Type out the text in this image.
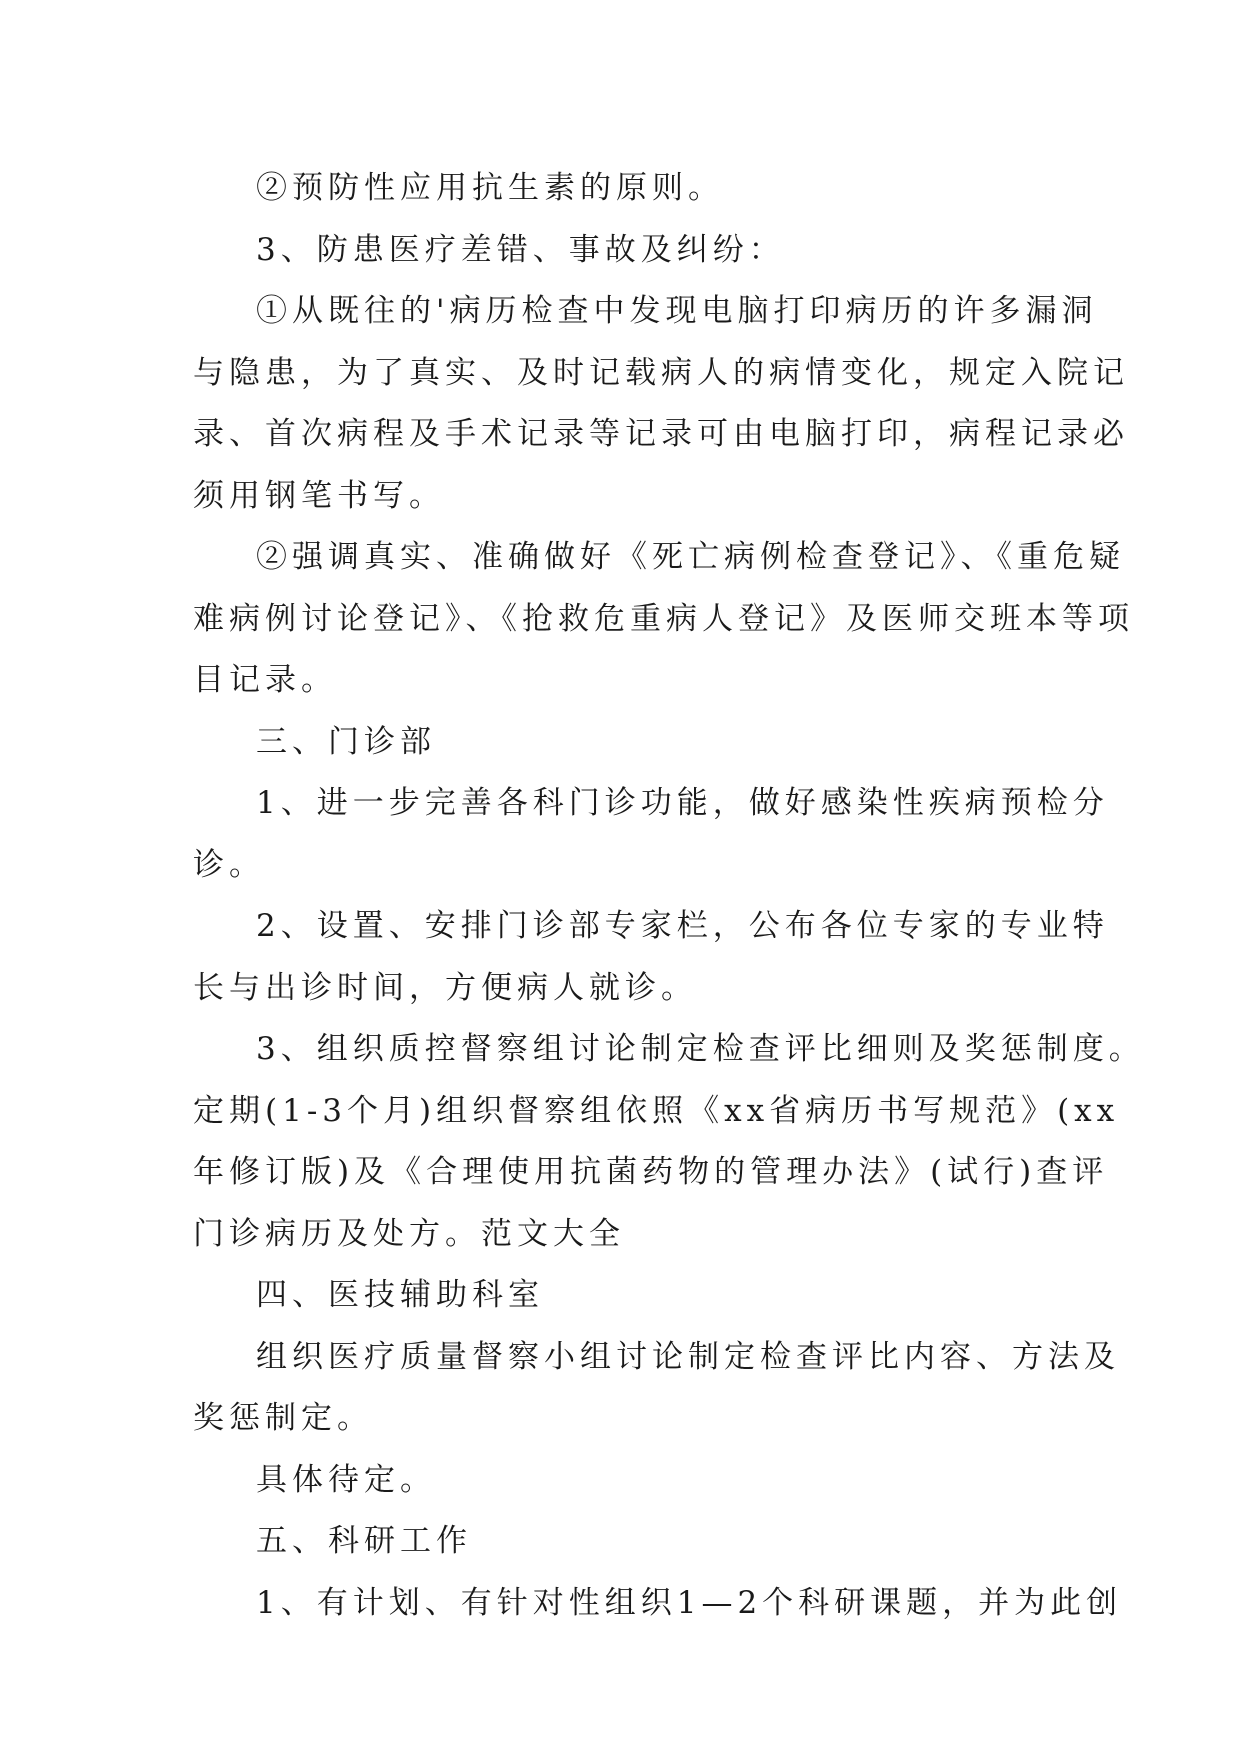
②预防性应用抗生素的原则。
3、防患医疗差错、事故及纠纷：
①从既往的'病历检查中发现电脑打印病历的许多漏洞
与隐患，为了真实、及时记载病人的病情变化，规定入院记
录、首次病程及手术记录等记录可由电脑打印，病程记录必
须用钢笔书写。
②强调真实、准确做好《死亡病例检查登记》、《重危疑
难病例讨论登记》、《抢救危重病人登记》及医师交班本等项
目记录。
三、门诊部
1、进一步完善各科门诊功能，做好感染性疾病预检分
诊。
2、设置、安排门诊部专家栏，公布各位专家的专业特
长与出诊时间，方便病人就诊。
3、组织质控督察组讨论制定检查评比细则及奖惩制度。
定期(1-3个月)组织督察组依照《xx省病历书写规范》(xx
年修订版)及《合理使用抗菌药物的管理办法》(试行)查评
门诊病历及处方。范文大全
四、医技辅助科室
组织医疗质量督察小组讨论制定检查评比内容、方法及
奖惩制定。
具体待定。
五、科研工作
1、有计划、有针对性组织1—2个科研课题，并为此创
